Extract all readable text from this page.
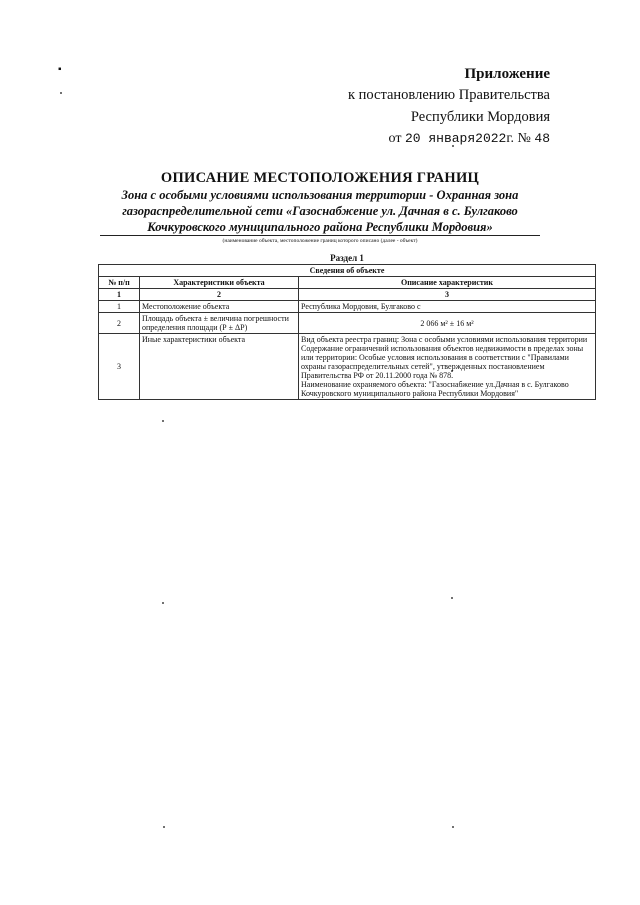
▪	Приложение
к постановлению Правительства
Республики Мордовия
от 20 января2022г. № 48
ОПИСАНИЕ МЕСТОПОЛОЖЕНИЯ ГРАНИЦ
Зона с особыми условиями использования территории - Охранная зона
газораспределительной сети «Газоснабжение ул. Дачная в с. Булгаково
Кочкуровского муниципального района Республики Мордовия»
(наименование объекта, местоположение границ которого описано (далее - объект)
Раздел 1
Сведения об объекте		
№ п/п	Характеристики объекта	Описание характеристик
1	2	3
1	Местоположение объекта	Республика Мордовия, Булгаково с
2	Площадь объекта ± величина погрешности определения площади (Р ± ΔР)	2 066 м² ± 16 м²
3	Иные характеристики объекта	Вид объекта реестра границ: Зона с особыми условиями использования территории
Содержание ограничений использования объектов недвижимости в пределах зоны или территории: Особые условия использования в соответствии с "Правилами охраны газораспределительных сетей", утвержденных постановлением Правительства РФ от 20.11.2000 года № 878.
Наименование охраняемого объекта: "Газоснабжение ул.Дачная в с. Булгаково Кочкуровского муниципального района Республики Мордовия"
